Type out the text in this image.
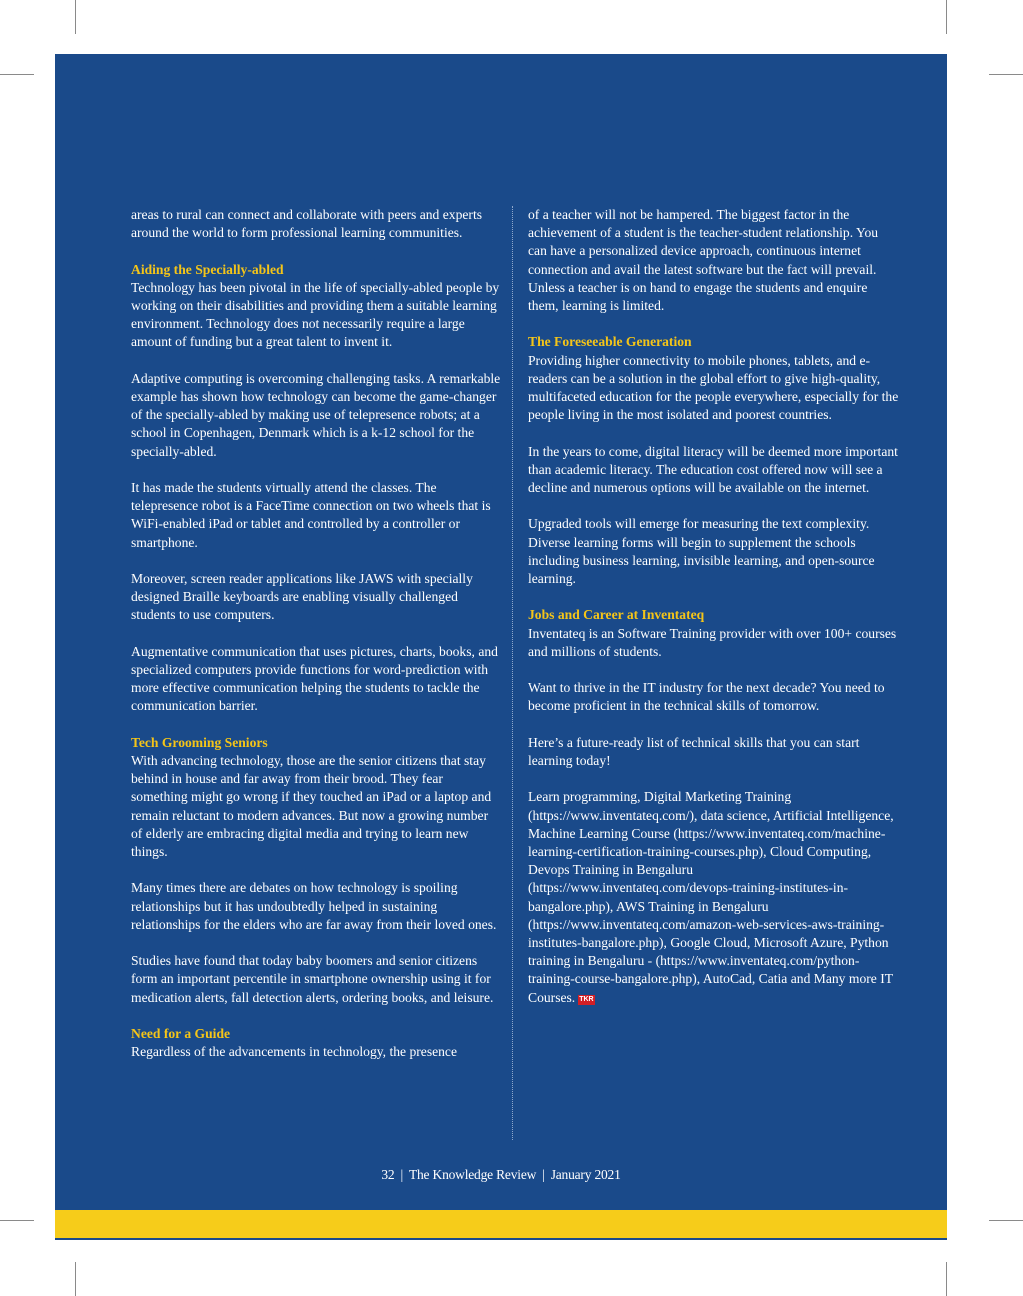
areas to rural can connect and collaborate with peers and experts around the world to form professional learning communities.

Aiding the Specially-abled

Technology has been pivotal in the life of specially-abled people by working on their disabilities and providing them a suitable learning environment. Technology does not necessarily require a large amount of funding but a great talent to invent it.

Adaptive computing is overcoming challenging tasks. A remarkable example has shown how technology can become the game-changer of the specially-abled by making use of telepresence robots; at a school in Copenhagen, Denmark which is a k-12 school for the specially-abled.

It has made the students virtually attend the classes. The telepresence robot is a FaceTime connection on two wheels that is WiFi-enabled iPad or tablet and controlled by a controller or smartphone.

Moreover, screen reader applications like JAWS with specially designed Braille keyboards are enabling visually challenged students to use computers.

Augmentative communication that uses pictures, charts, books, and specialized computers provide functions for word-prediction with more effective communication helping the students to tackle the communication barrier.

Tech Grooming Seniors

With advancing technology, those are the senior citizens that stay behind in house and far away from their brood. They fear something might go wrong if they touched an iPad or a laptop and remain reluctant to modern advances. But now a growing number of elderly are embracing digital media and trying to learn new things.

Many times there are debates on how technology is spoiling relationships but it has undoubtedly helped in sustaining relationships for the elders who are far away from their loved ones.

Studies have found that today baby boomers and senior citizens form an important percentile in smartphone ownership using it for medication alerts, fall detection alerts, ordering books, and leisure.

Need for a Guide

Regardless of the advancements in technology, the presence

of a teacher will not be hampered. The biggest factor in the achievement of a student is the teacher-student relationship. You can have a personalized device approach, continuous internet connection and avail the latest software but the fact will prevail. Unless a teacher is on hand to engage the students and enquire them, learning is limited.

The Foreseeable Generation

Providing higher connectivity to mobile phones, tablets, and e-readers can be a solution in the global effort to give high-quality, multifaceted education for the people everywhere, especially for the people living in the most isolated and poorest countries.

In the years to come, digital literacy will be deemed more important than academic literacy. The education cost offered now will see a decline and numerous options will be available on the internet.

Upgraded tools will emerge for measuring the text complexity. Diverse learning forms will begin to supplement the schools including business learning, invisible learning, and open-source learning.

Jobs and Career at Inventateq

Inventateq is an Software Training provider with over 100+ courses and millions of students.

Want to thrive in the IT industry for the next decade? You need to become proficient in the technical skills of tomorrow.

Here’s a future-ready list of technical skills that you can start learning today!

Learn programming, Digital Marketing Training (https://www.inventateq.com/), data science, Artificial Intelligence, Machine Learning Course (https://www.inventateq.com/machine-learning-certification-training-courses.php), Cloud Computing, Devops Training in Bengaluru (https://www.inventateq.com/devops-training-institutes-in-bangalore.php), AWS Training in Bengaluru (https://www.inventateq.com/amazon-web-services-aws-training-institutes-bangalore.php), Google Cloud, Microsoft Azure, Python training in Bengaluru - (https://www.inventateq.com/python-training-course-bangalore.php), AutoCad, Catia and Many more IT Courses. TKR

32 | The Knowledge Review | January 2021
